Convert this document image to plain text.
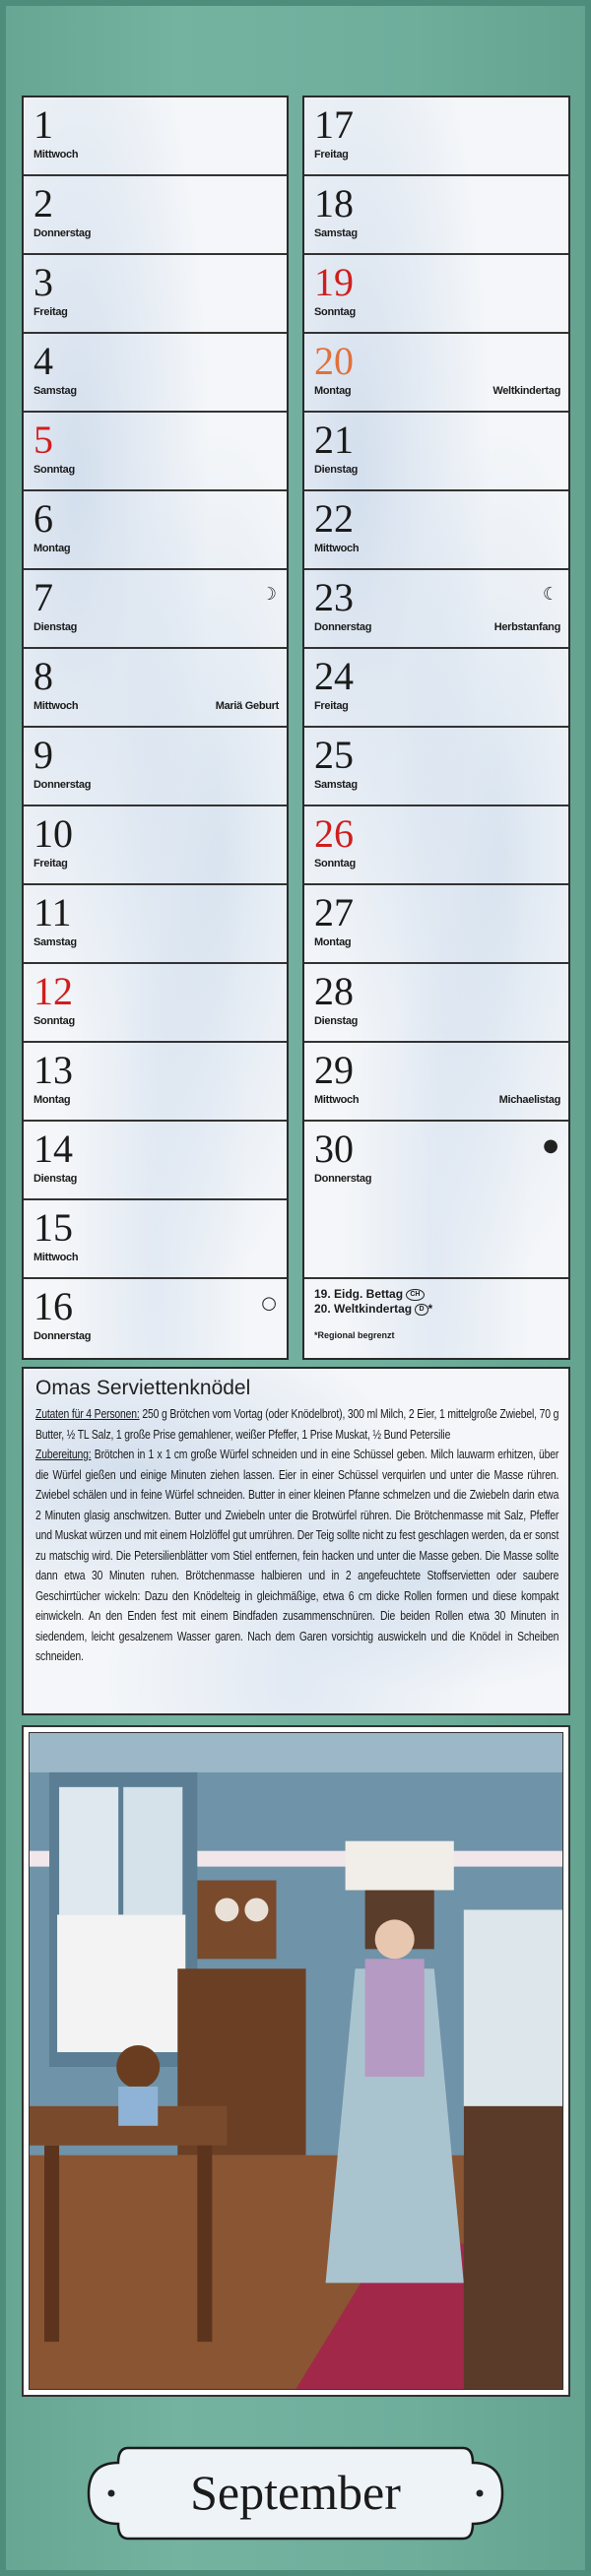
1
Mittwoch
2
Donnerstag
3
Freitag
4
Samstag
5
Sonntag
6
Montag
7
Dienstag
☽
8
Mittwoch	Mariä Geburt
9
Donnerstag
10
Freitag
11
Samstag
12
Sonntag
13
Montag
14
Dienstag
15
Mittwoch
16
Donnerstag
○
17
Freitag
18
Samstag
19
Sonntag
20
Montag	Weltkindertag
21
Dienstag
22
Mittwoch
23
Donnerstag	Herbstanfang
☾
24
Freitag
25
Samstag
26
Sonntag
27
Montag
28
Dienstag
29
Mittwoch	Michaelistag
30
Donnerstag
●
19. Eidg. Bettag CH
20. Weltkindertag D *
*Regional begrenzt
Omas Serviettenknödel

Zutaten für 4 Personen: 250 g Brötchen vom Vortag (oder Knödelbrot), 300 ml Milch, 2 Eier, 1 mittelgroße Zwiebel, 70 g Butter, ½ TL Salz, 1 große Prise gemahlener, weißer Pfeffer, 1 Prise Muskat, ½ Bund Petersilie

Zubereitung: Brötchen in 1 x 1 cm große Würfel schneiden und in eine Schüssel geben. Milch lauwarm erhitzen, über die Würfel gießen und einige Minuten ziehen lassen. Eier in einer Schüssel verquirlen und unter die Masse rühren. Zwiebel schälen und in feine Würfel schneiden. Butter in einer kleinen Pfanne schmelzen und die Zwiebeln darin etwa 2 Minuten glasig anschwitzen. Butter und Zwiebeln unter die Brotwürfel rühren. Die Brötchenmasse mit Salz, Pfeffer und Muskat würzen und mit einem Holzlöffel gut umrühren. Der Teig sollte nicht zu fest geschlagen werden, da er sonst zu matschig wird. Die Petersilienblätter vom Stiel entfernen, fein hacken und unter die Masse geben. Die Masse sollte dann etwa 30 Minuten ruhen. Brötchenmasse halbieren und in 2 angefeuchtete Stoffservietten oder saubere Geschirrtücher wickeln: Dazu den Knödelteig in gleichmäßige, etwa 6 cm dicke Rollen formen und diese kompakt einwickeln. An den Enden fest mit einem Bindfaden zusammenschnüren. Die beiden Rollen etwa 30 Minuten in siedendem, leicht gesalzenem Wasser garen. Nach dem Garen vorsichtig auswickeln und die Knödel in Scheiben schneiden.

September
